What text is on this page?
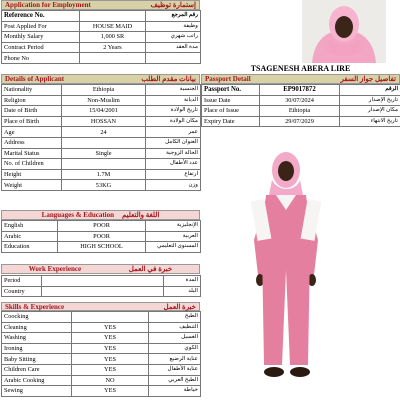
Application for Employment	إستمارة توظيف
Reference No.		رقم المرجع
Post Applied For	HOUSE MAID	وظيفة
Monthly Salary	1,000 SR	راتب شهري
Contract Period	2 Years	مدة العقد
Phone No		
TSAGENESH ABERA LIRE
Details of Applicant	بيانات مقدم الطلب
Nationality	Ethiopia	الجنسية
Religion	Non-Muslim	الديانة
Date of Birth	15/04/2001	تاريخ الولادة
Place of Birth	HOSSAN	مكان الولادة
Age	24	عمر
Address		العنوان الكامل
Marital Status	Single	الحالة الزوجية
No. of Children		عدد الأطفال
Height	1.7M	ارتفاع
Weight	53KG	وزن
Passport Detail	تفاصيل جواز السفر
Passport No.	EP9017872	الرقم
Issue Date	30/07/2024	تاريخ الإصدار
Place of Issue	Ethiopia	مكان الإصدار
Expiry Date	29/07/2029	تاريخ الانتهاء
Languages & Education اللغة والتعليم
English	POOR	الإنجليزية
Arabic	POOR	العربية
Education	HIGH SCHOOL	المستوى التعليمي
Work Experience	خبرة في العمل
Period		المدة
Country		البلد
Skills & Experience	خبرة العمل
Coocking		الطبخ
Cleaning	YES	التنظيف
Washing	YES	الغسيل
Ironing	YES	الكوي
Baby Sitting	YES	عناية الرضيع
Children Care	YES	عناية الأطفال
Arabic Cooking	NO	الطبخ العربي
Sewing	YES	خياطة
